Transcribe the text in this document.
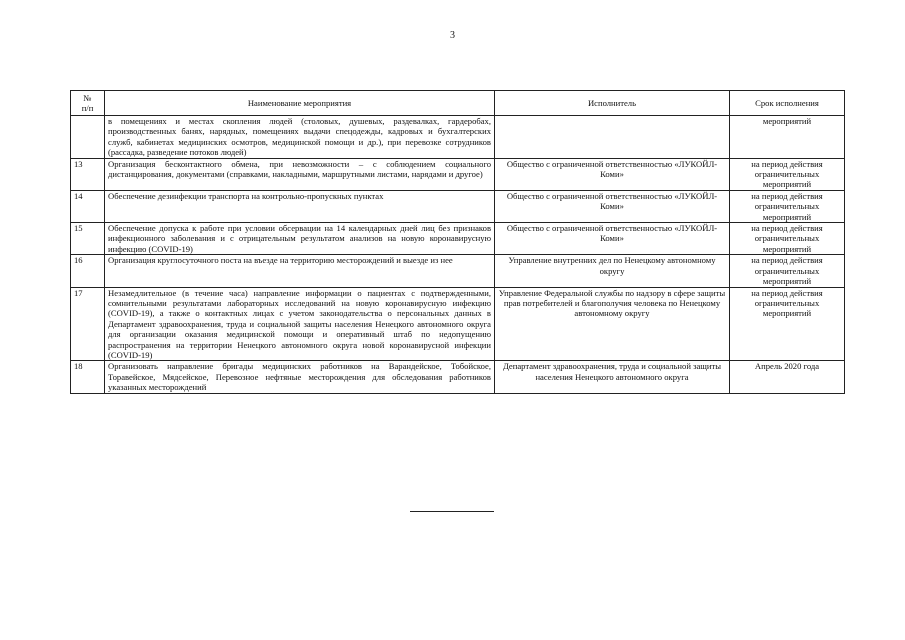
3
№
п/п	Наименование мероприятия	Исполнитель	Срок исполнения
	в помещениях и местах скопления людей (столовых, душевых, раздевалках, гардеробах, производственных банях, нарядных, помещениях выдачи спецодежды, кадровых и бухгалтерских служб, кабинетах медицинских осмотров, медицинской помощи и др.), при перевозке сотрудников (рассадка, разведение потоков людей)		мероприятий
13	Организация бесконтактного обмена, при невозможности – с соблюдением социального дистанцирования, документами (справками, накладными, маршрутными листами, нарядами и другое)	Общество с ограниченной ответственностью «ЛУКОЙЛ-Коми»	на период действия ограничительных мероприятий
14	Обеспечение дезинфекции транспорта на контрольно-пропускных пунктах	Общество с ограниченной ответственностью «ЛУКОЙЛ-Коми»	на период действия ограничительных мероприятий
15	Обеспечение допуска к работе при условии обсервации на 14 календарных дней лиц без признаков инфекционного заболевания и с отрицательным результатом анализов на новую коронавирусную инфекцию (COVID-19)	Общество с ограниченной ответственностью «ЛУКОЙЛ-Коми»	на период действия ограничительных мероприятий
16	Организация круглосуточного поста на въезде на территорию месторождений и выезде из нее	Управление внутренних дел по Ненецкому автономному округу	на период действия ограничительных мероприятий
17	Незамедлительное (в течение часа) направление информации о пациентах с подтвержденными, сомнительными результатами лабораторных исследований на новую коронавирусную инфекцию (COVID-19), а также о контактных лицах с учетом законодательства о персональных данных в Департамент здравоохранения, труда и социальной защиты населения Ненецкого автономного округа для организации оказания медицинской помощи и оперативный штаб по недопущению распространения на территории Ненецкого автономного округа новой коронавирусной инфекции (COVID-19)	Управление Федеральной службы по надзору в сфере защиты прав потребителей и благополучия человека по Ненецкому автономному округу	на период действия ограничительных мероприятий
18	Организовать направление бригады медицинских работников на Варандейское, Тобойское, Торавейское, Мядсейское, Перевозное нефтяные месторождения для обследования работников указанных месторождений	Департамент здравоохранения, труда и социальной защиты населения Ненецкого автономного округа	Апрель 2020 года
